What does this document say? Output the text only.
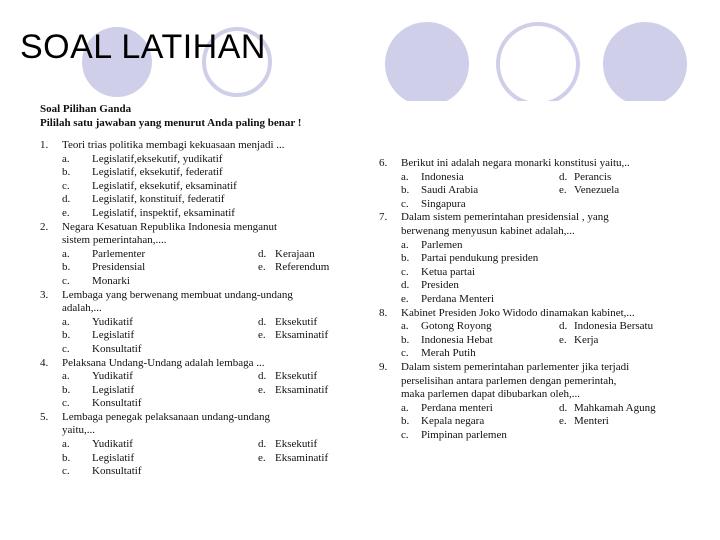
SOAL LATIHAN
Soal Pilihan Ganda
Pililah satu jawaban yang menurut Anda paling benar !
1. Teori trias politika membagi kekuasaan menjadi ...
a. Legislatif,eksekutif, yudikatif
b. Legislatif, eksekutif, federatif
c. Legislatif, eksekutif, eksaminatif
d. Legislatif, konstituif, federatif
e. Legislatif, inspektif, eksaminatif
2. Negara Kesatuan Republika Indonesia menganut
sistem pemerintahan,....
a. Parlementer	d. Kerajaan
b. Presidensial	e. Referendum
c. Monarki
3. Lembaga yang berwenang membuat undang-undang
adalah,...
a. Yudikatif	d. Eksekutif
b. Legislatif	e. Eksaminatif
c. Konsultatif
4. Pelaksana Undang-Undang adalah lembaga ...
a. Yudikatif	d. Eksekutif
b. Legislatif	e. Eksaminatif
c. Konsultatif
5. Lembaga penegak pelaksanaan undang-undang
yaitu,...
a. Yudikatif	d. Eksekutif
b. Legislatif	e. Eksaminatif
c. Konsultatif
6. Berikut ini adalah negara monarki konstitusi yaitu,..
a. Indonesia	d. Perancis
b. Saudi Arabia	e. Venezuela
c. Singapura
7. Dalam sistem pemerintahan presidensial , yang
berwenang menyusun kabinet adalah,...
a. Parlemen
b. Partai pendukung presiden
c. Ketua partai
d. Presiden
e. Perdana Menteri
8. Kabinet Presiden Joko Widodo dinamakan kabinet,...
a. Gotong Royong	d. Indonesia Bersatu
b. Indonesia Hebat	e. Kerja
c. Merah Putih
9. Dalam sistem pemerintahan parlementer jika terjadi
perselisihan antara parlemen dengan pemerintah,
maka parlemen dapat dibubarkan oleh,...
a. Perdana menteri	d. Mahkamah Agung
b. Kepala negara	e. Menteri
c. Pimpinan parlemen
